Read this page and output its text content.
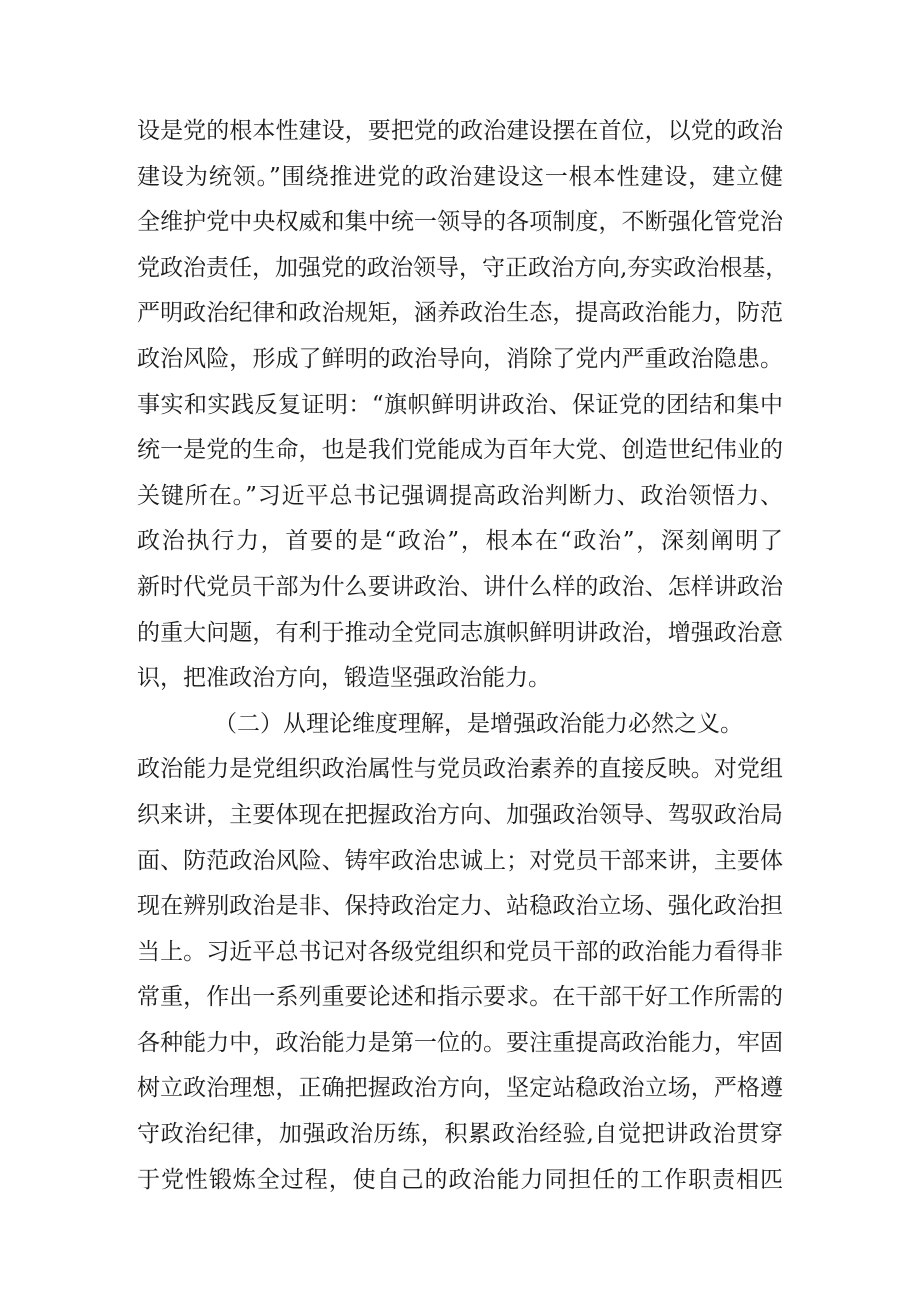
设是党的根本性建设，要把党的政治建设摆在首位，以党的政治
建设为统领。”围绕推进党的政治建设这一根本性建设，建立健
全维护党中央权威和集中统一领导的各项制度，不断强化管党治
党政治责任，加强党的政治领导，守正政治方向,夯实政治根基，
严明政治纪律和政治规矩，涵养政治生态，提高政治能力，防范
政治风险，形成了鲜明的政治导向，消除了党内严重政治隐患。
事实和实践反复证明：“旗帜鲜明讲政治、保证党的团结和集中
统一是党的生命，也是我们党能成为百年大党、创造世纪伟业的
关键所在。”习近平总书记强调提高政治判断力、政治领悟力、
政治执行力，首要的是“政治”，根本在“政治”，深刻阐明了
新时代党员干部为什么要讲政治、讲什么样的政治、怎样讲政治
的重大问题，有利于推动全党同志旗帜鲜明讲政治，增强政治意
识，把准政治方向，锻造坚强政治能力。
（二）从理论维度理解，是增强政治能力必然之义。
政治能力是党组织政治属性与党员政治素养的直接反映。对党组
织来讲，主要体现在把握政治方向、加强政治领导、驾驭政治局
面、防范政治风险、铸牢政治忠诚上；对党员干部来讲，主要体
现在辨别政治是非、保持政治定力、站稳政治立场、强化政治担
当上。习近平总书记对各级党组织和党员干部的政治能力看得非
常重，作出一系列重要论述和指示要求。在干部干好工作所需的
各种能力中，政治能力是第一位的。要注重提高政治能力，牢固
树立政治理想，正确把握政治方向，坚定站稳政治立场，严格遵
守政治纪律，加强政治历练，积累政治经验,自觉把讲政治贯穿
于党性锻炼全过程，使自己的政治能力同担任的工作职责相匹
